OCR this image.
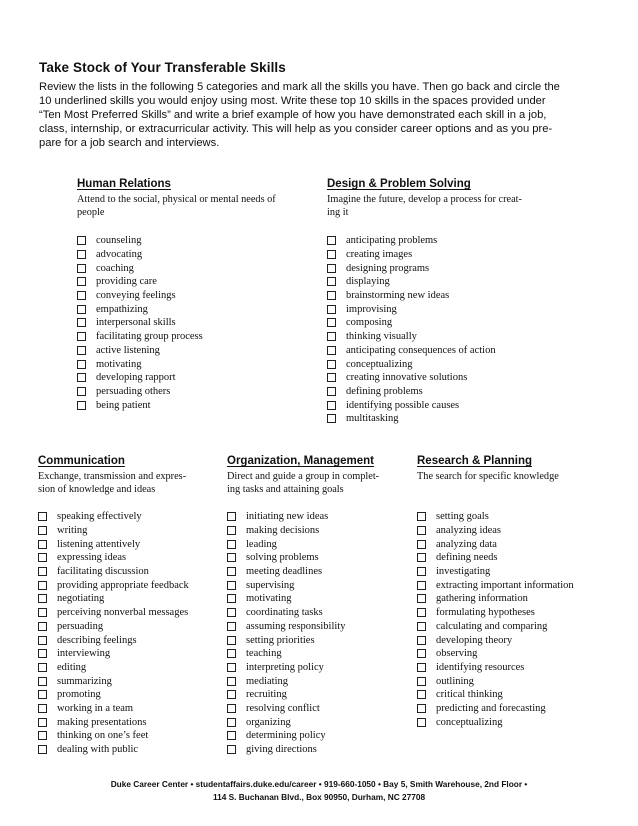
Take Stock of Your Transferable Skills

Review the lists in the following 5 categories and mark all the skills you have. Then go back and circle the

10 underlined skills you would enjoy using most. Write these top 10 skills in the spaces provided under

“Ten Most Preferred Skills” and write a brief example of how you have demonstrated each skill in a job,

class, internship, or extracurricular activity. This will help as you consider career options and as you pre-

pare for a job search and interviews.

Human Relations
Attend to the social, physical or mental needs of
people
counseling
advocating
coaching
providing care
conveying feelings
empathizing
interpersonal skills
facilitating group process
active listening
motivating
developing rapport
persuading others
being patient
Design & Problem Solving
Imagine the future, develop a process for creat-
ing it
anticipating problems
creating images
designing programs
displaying
brainstorming new ideas
improvising
composing
thinking visually
anticipating consequences of action
conceptualizing
creating innovative solutions
defining problems
identifying possible causes
multitasking
Communication
Exchange, transmission and expres-
sion of knowledge and ideas
speaking effectively
writing
listening attentively
expressing ideas
facilitating discussion
providing appropriate feedback
negotiating
perceiving nonverbal messages
persuading
describing feelings
interviewing
editing
summarizing
promoting
working in a team
making presentations
thinking on one’s feet
dealing with public
Organization, Management
Direct and guide a group in complet-
ing tasks and attaining goals
initiating new ideas
making decisions
leading
solving problems
meeting deadlines
supervising
motivating
coordinating tasks
assuming responsibility
setting priorities
teaching
interpreting policy
mediating
recruiting
resolving conflict
organizing
determining policy
giving directions
Research & Planning
The search for specific knowledge
setting goals
analyzing ideas
analyzing data
defining needs
investigating
extracting important information
gathering information
formulating hypotheses
calculating and comparing
developing theory
observing
identifying resources
outlining
critical thinking
predicting and forecasting
conceptualizing
Duke Career Center • studentaffairs.duke.edu/career • 919-660-1050 • Bay 5, Smith Warehouse, 2nd Floor •
114 S. Buchanan Blvd., Box 90950, Durham, NC 27708
